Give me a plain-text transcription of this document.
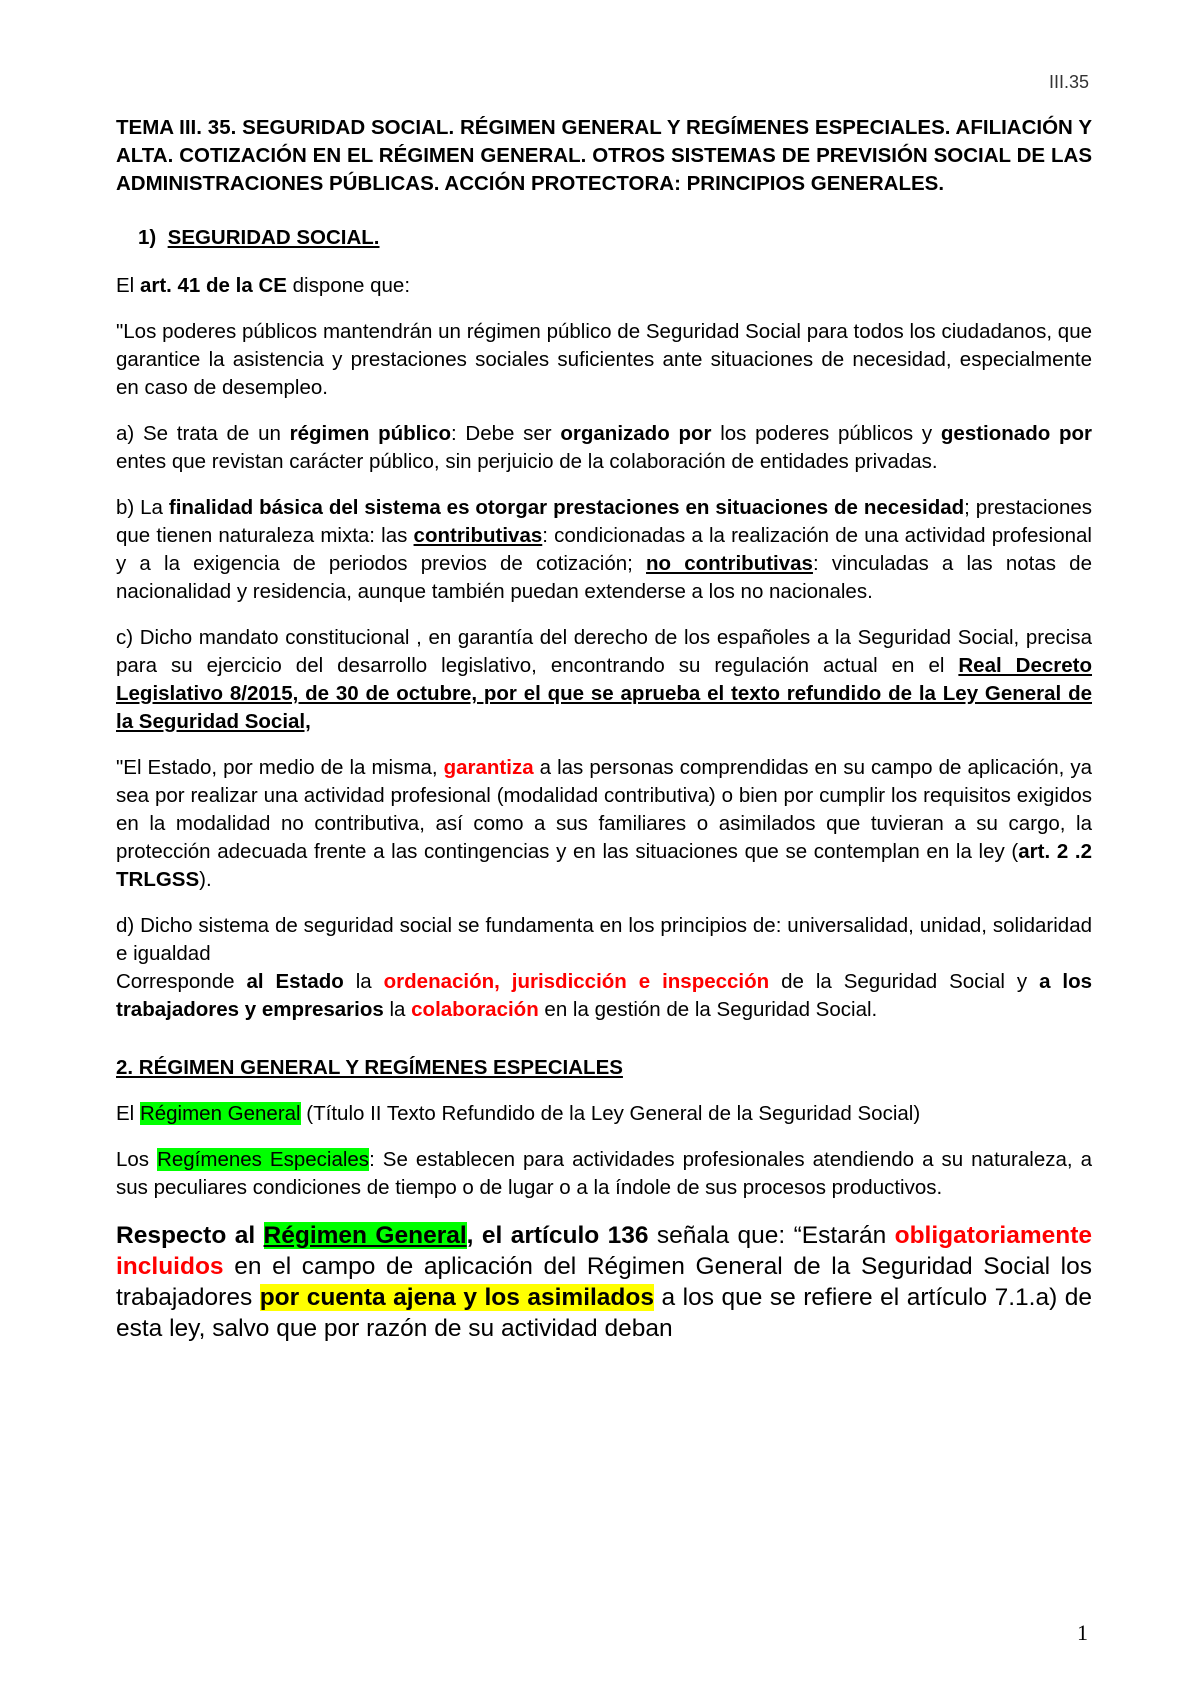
III.35
TEMA III. 35. SEGURIDAD SOCIAL. RÉGIMEN GENERAL Y REGÍMENES ESPECIALES. AFILIACIÓN Y ALTA. COTIZACIÓN EN EL RÉGIMEN GENERAL. OTROS SISTEMAS DE PREVISIÓN SOCIAL DE LAS ADMINISTRACIONES PÚBLICAS. ACCIÓN PROTECTORA: PRINCIPIOS GENERALES.
1) SEGURIDAD SOCIAL.

El art. 41 de la CE dispone que:

"Los poderes públicos mantendrán un régimen público de Seguridad Social para todos los ciudadanos, que garantice la asistencia y prestaciones sociales suficientes ante situaciones de necesidad, especialmente en caso de desempleo.

a) Se trata de un régimen público: Debe ser organizado por los poderes públicos y gestionado por entes que revistan carácter público, sin perjuicio de la colaboración de entidades privadas.

b) La finalidad básica del sistema es otorgar prestaciones en situaciones de necesidad; prestaciones que tienen naturaleza mixta: las contributivas: condicionadas a la realización de una actividad profesional y a la exigencia de periodos previos de cotización; no contributivas: vinculadas a las notas de nacionalidad y residencia, aunque también puedan extenderse a los no nacionales.

c) Dicho mandato constitucional , en garantía del derecho de los españoles a la Seguridad Social, precisa para su ejercicio del desarrollo legislativo, encontrando su regulación actual en el Real Decreto Legislativo 8/2015, de 30 de octubre, por el que se aprueba el texto refundido de la Ley General de la Seguridad Social,

"El Estado, por medio de la misma, garantiza a las personas comprendidas en su campo de aplicación, ya sea por realizar una actividad profesional (modalidad contributiva) o bien por cumplir los requisitos exigidos en la modalidad no contributiva, así como a sus familiares o asimilados que tuvieran a su cargo, la protección adecuada frente a las contingencias y en las situaciones que se contemplan en la ley (art. 2 .2 TRLGSS).

d) Dicho sistema de seguridad social se fundamenta en los principios de: universalidad, unidad, solidaridad e igualdad

Corresponde al Estado la ordenación, jurisdicción e inspección de la Seguridad Social y a los trabajadores y empresarios la colaboración en la gestión de la Seguridad Social.

2. RÉGIMEN GENERAL Y REGÍMENES ESPECIALES

El Régimen General (Título II Texto Refundido de la Ley General de la Seguridad Social)

Los Regímenes Especiales: Se establecen para actividades profesionales atendiendo a su naturaleza, a sus peculiares condiciones de tiempo o de lugar o a la índole de sus procesos productivos.

Respecto al Régimen General, el artículo 136 señala que: “Estarán obligatoriamente incluidos en el campo de aplicación del Régimen General de la Seguridad Social los trabajadores por cuenta ajena y los asimilados a los que se refiere el artículo 7.1.a) de esta ley, salvo que por razón de su actividad deban

1
